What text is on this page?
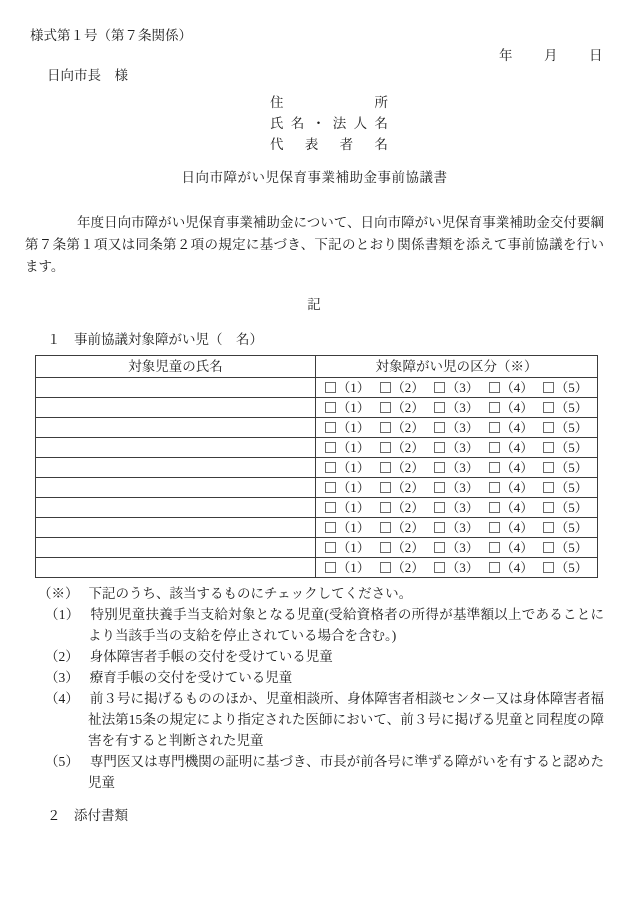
様式第１号（第７条関係）
年　　月　　日
日向市長　様
住所
氏名・法人名
代表者名
日向市障がい児保育事業補助金事前協議書

年度日向市障がい児保育事業補助金について、日向市障がい児保育事業補助金交付要綱第７条第１項又は同条第２項の規定に基づき、下記のとおり関係書類を添えて事前協議を行います。

記
１　事前協議対象障がい児（　名）
対象児童の氏名	対象障がい児の区分（※）

	（1） （2） （3） （4） （5）

	（1） （2） （3） （4） （5）

	（1） （2） （3） （4） （5）

	（1） （2） （3） （4） （5）

	（1） （2） （3） （4） （5）

	（1） （2） （3） （4） （5）

	（1） （2） （3） （4） （5）

	（1） （2） （3） （4） （5）

	（1） （2） （3） （4） （5）

	（1） （2） （3） （4） （5）
（※） 下記のうち、該当するものにチェックしてください。
（1） 特別児童扶養手当支給対象となる児童(受給資格者の所得が基準額以上であることにより当該手当の支給を停止されている場合を含む。)
（2） 身体障害者手帳の交付を受けている児童
（3） 療育手帳の交付を受けている児童
（4） 前３号に掲げるもののほか、児童相談所、身体障害者相談センター又は身体障害者福祉法第15条の規定により指定された医師において、前３号に掲げる児童と同程度の障害を有すると判断された児童
（5） 専門医又は専門機関の証明に基づき、市長が前各号に準ずる障がいを有すると認めた児童
２　添付書類
